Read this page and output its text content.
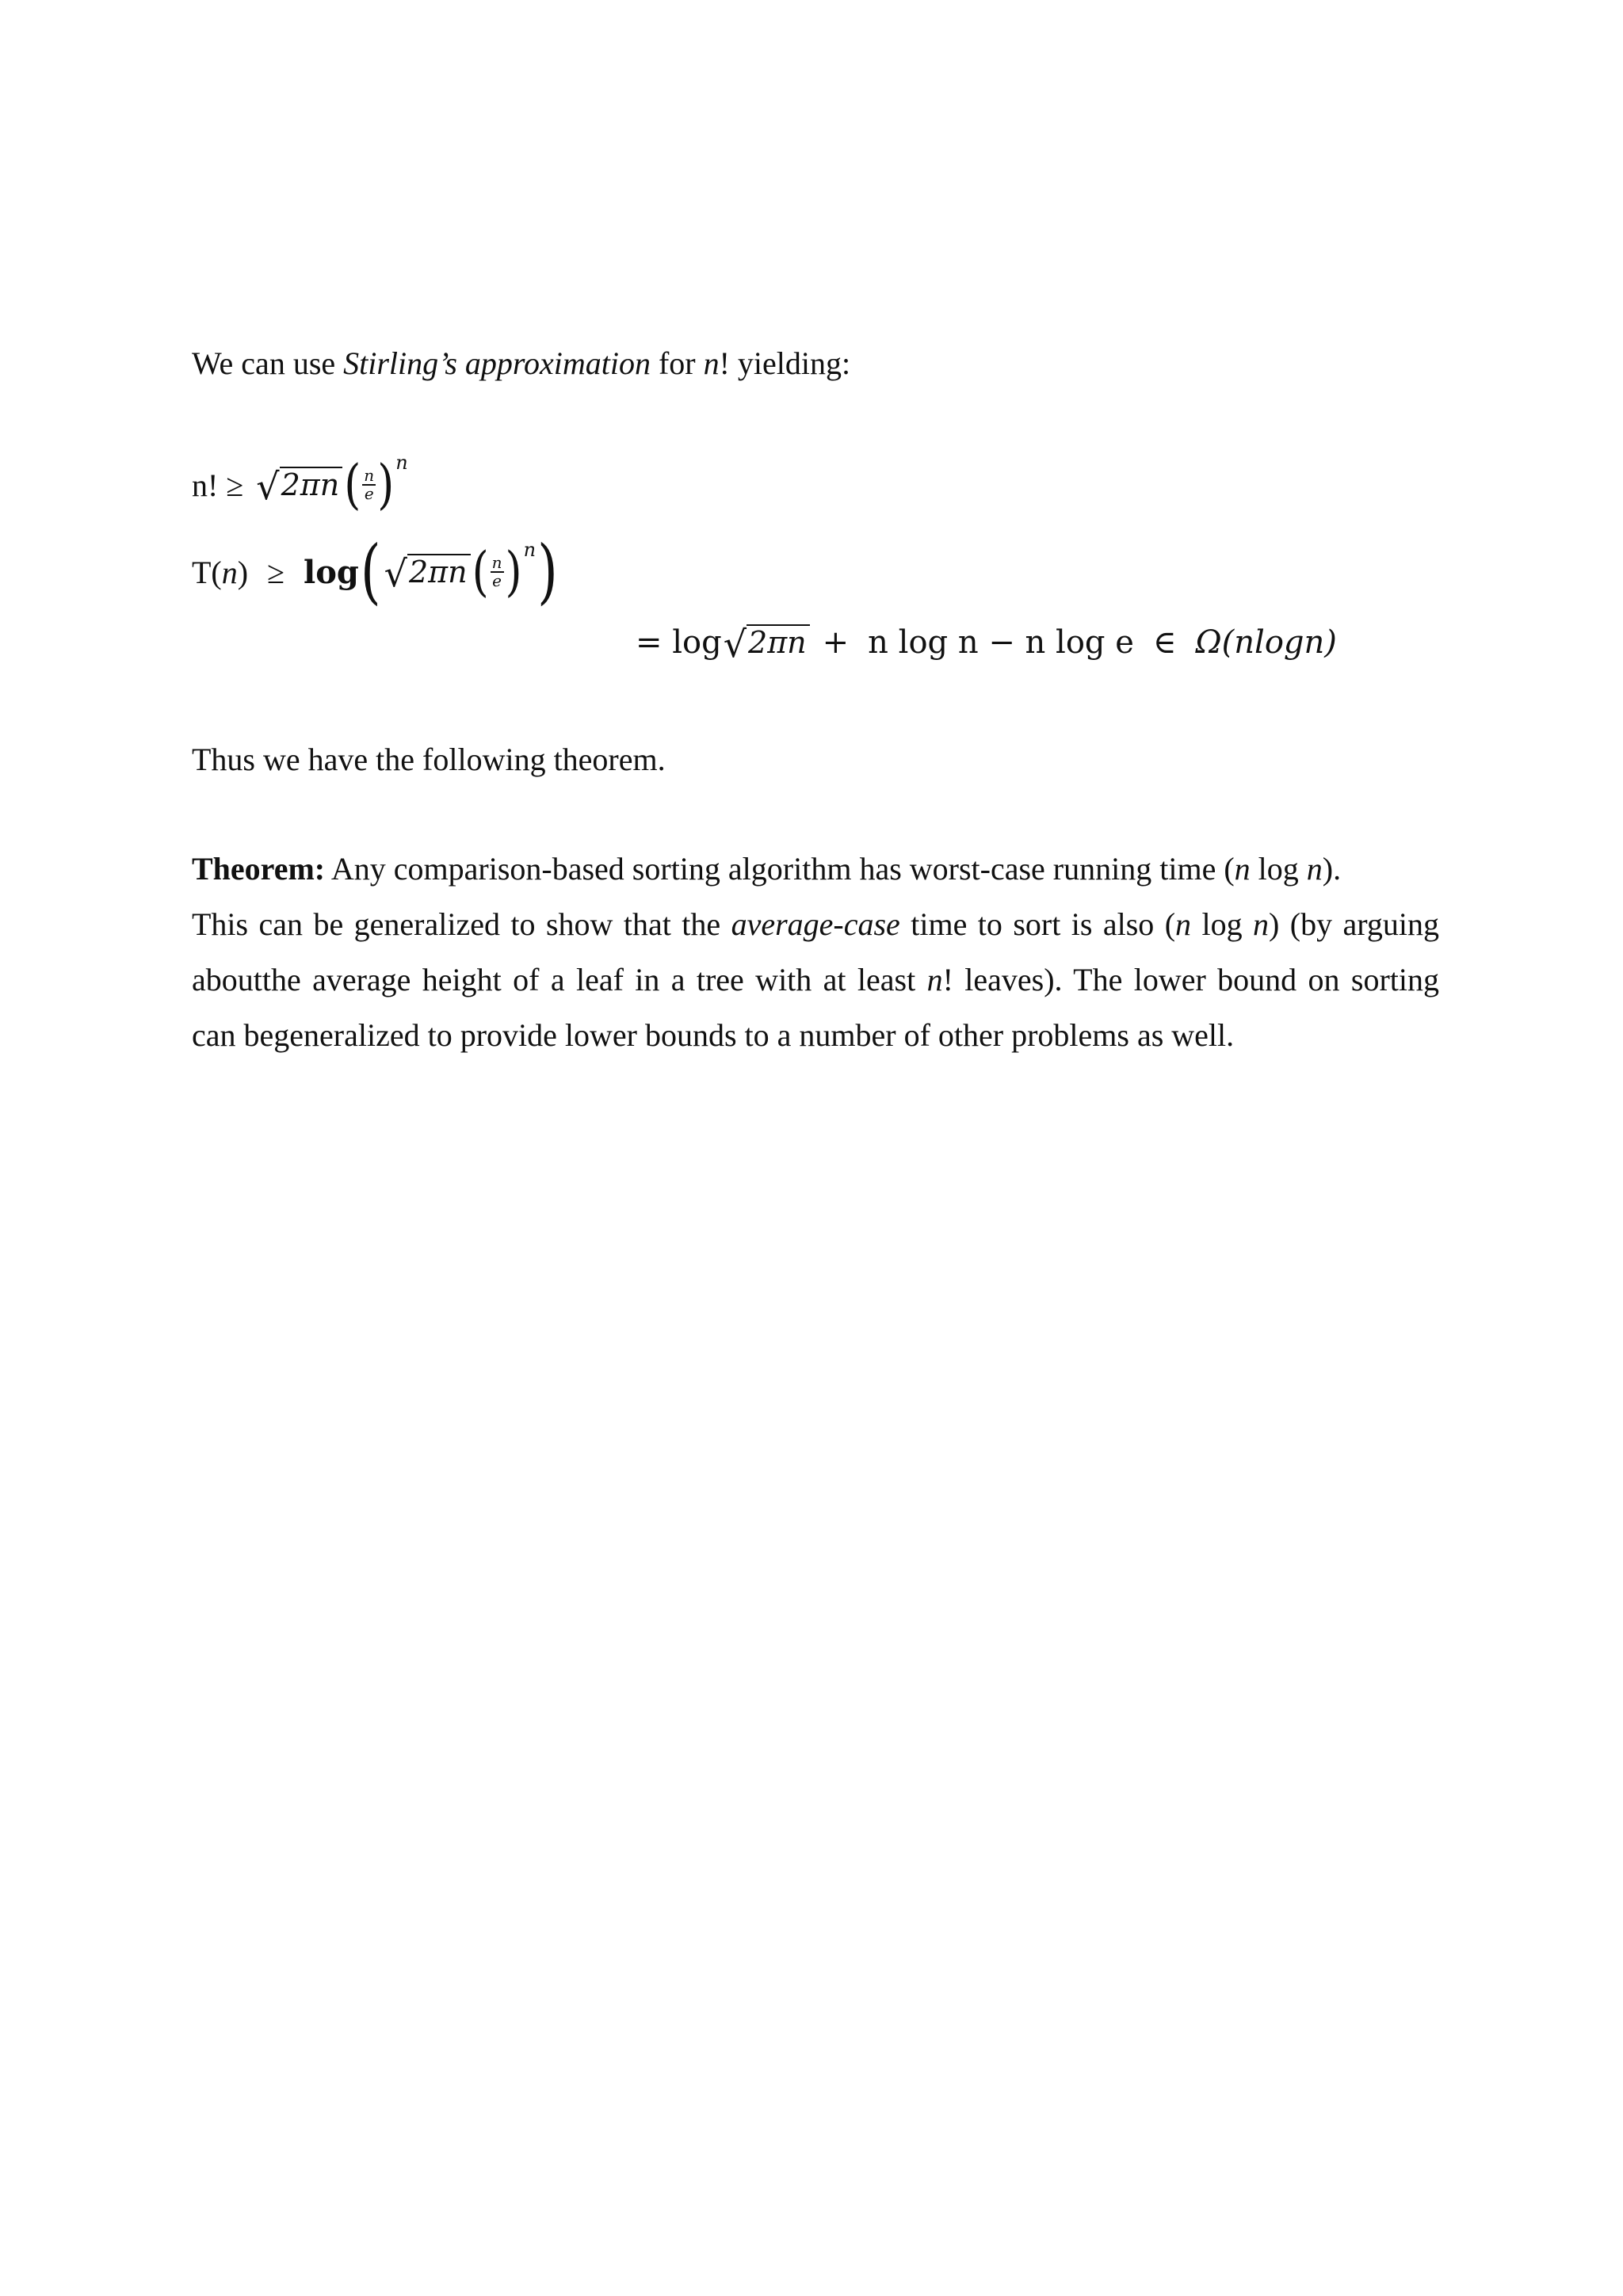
We can use Stirling’s approximation for n! yielding:
n! ≥ √ 2πn ( $\frac{n}{e}$ ) n
T( n ) ≥ log ( √ 2πn ( $\frac{n}{e}$ ) n )
= log √ 2πn + n log n − n log e ∈ Ω(nlogn)
Thus we have the following theorem.
Theorem: Any comparison-based sorting algorithm has worst-case running time (n log n).
This can be generalized to show that the average-case time to sort is also (n log n) (by arguing
aboutthe average height of a leaf in a tree with at least n! leaves). The lower bound on sorting
can begeneralized to provide lower bounds to a number of other problems as well.
